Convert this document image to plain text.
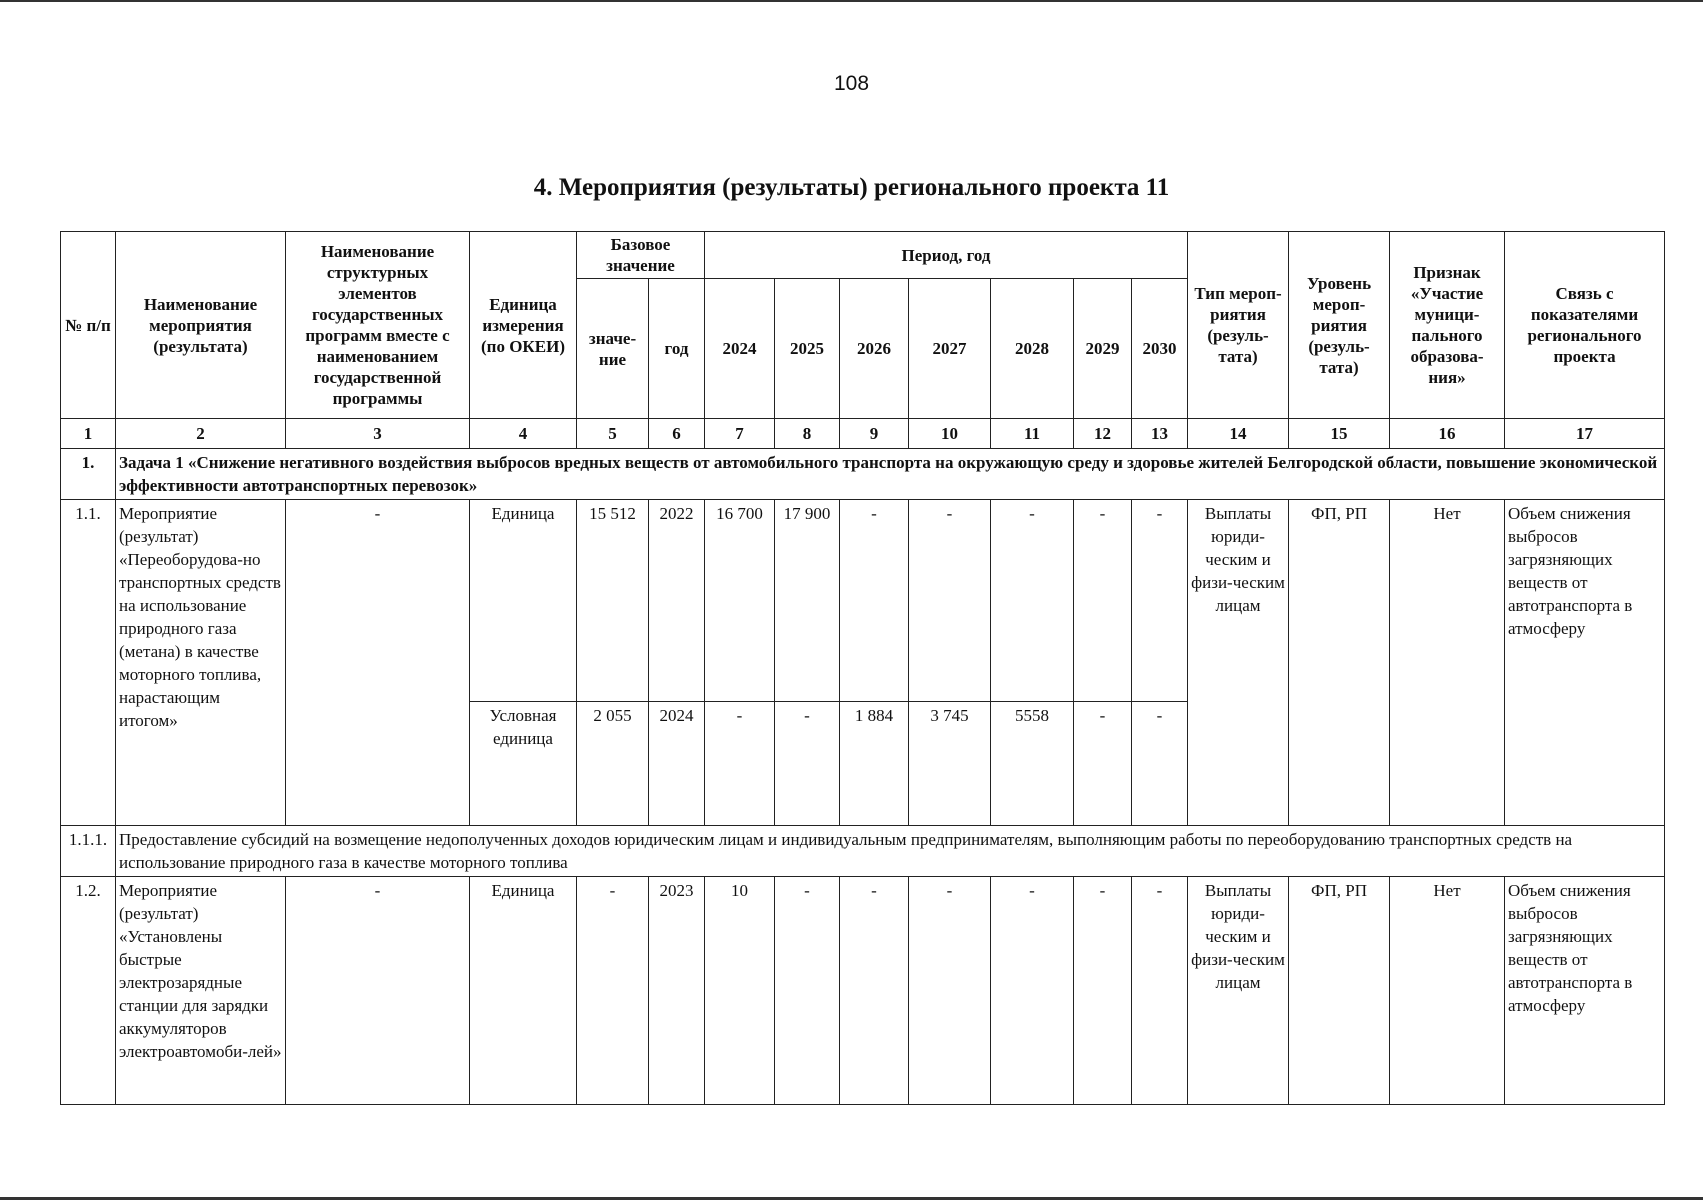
108
4. Мероприятия (результаты) регионального проекта 11
№ п/п	Наименование мероприятия (результата)	Наименование структурных элементов государственных программ вместе с наименованием государственной программы	Единица измерения (по ОКЕИ)	Базовое значение		Период, год							Тип мероп-риятия (резуль-тата)	Уровень мероп-риятия (резуль-тата)	Признак «Участие муници-пального образова-ния»	Связь с показателями регионального проекта
				значе-ние	год	2024	2025	2026	2027	2028	2029	2030				
1	2	3	4	5	6	7	8	9	10	11	12	13	14	15	16	17
1.	Задача 1 «Снижение негативного воздействия выбросов вредных веществ от автомобильного транспорта на окружающую среду и здоровье жителей Белгородской области, повышение экономической эффективности автотранспортных перевозок»															
1.1.	Мероприятие (результат) «Переоборудова-но транспортных средств на использование природного газа (метана) в качестве моторного топлива, нарастающим итогом»	-	Единица	15 512	2022	16 700	17 900	-	-	-	-	-	Выплаты юриди-ческим и физи-ческим лицам	ФП, РП	Нет	Объем снижения выбросов загрязняющих веществ от автотранспорта в атмосферу
			Условная единица	2 055	2024	-	-	1 884	3 745	5558	-	-				
1.1.1.	Предоставление субсидий на возмещение недополученных доходов юридическим лицам и индивидуальным предпринимателям, выполняющим работы по переоборудованию транспортных средств на использование природного газа в качестве моторного топлива															
1.2.	Мероприятие (результат) «Установлены быстрые электрозарядные станции для зарядки аккумуляторов электроавтомоби-лей»	-	Единица	-	2023	10	-	-	-	-	-	-	Выплаты юриди-ческим и физи-ческим лицам	ФП, РП	Нет	Объем снижения выбросов загрязняющих веществ от автотранспорта в атмосферу
